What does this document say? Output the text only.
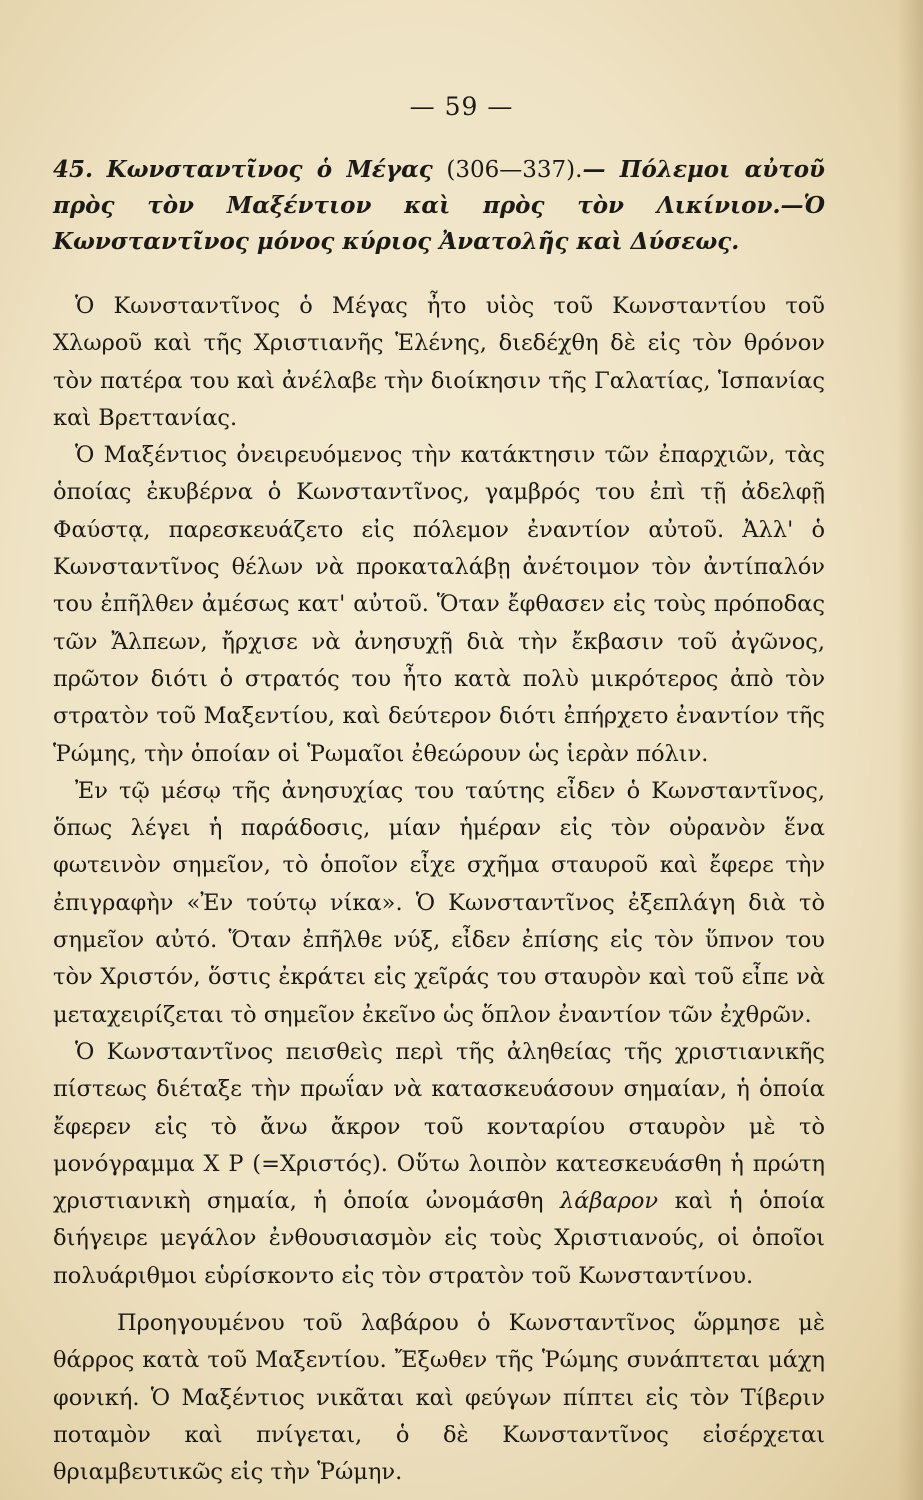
— 59 —
45. Κωνσταντῖνος ὁ Μέγας (306—337).— Πόλεμοι αὐτοῦ πρὸς τὸν Μαξέντιον καὶ πρὸς τὸν Λικίνιον.—Ὁ Κωνσταντῖνος μόνος κύριος Ἀνατολῆς καὶ Δύσεως.

Ὁ Κωνσταντῖνος ὁ Μέγας ἦτο υἱὸς τοῦ Κωνσταντίου τοῦ Χλωροῦ καὶ τῆς Χριστιανῆς Ἑλένης, διεδέχθη δὲ εἰς τὸν θρόνον τὸν πατέρα του καὶ ἀνέλαβε τὴν διοίκησιν τῆς Γαλατίας, Ἱσπανίας καὶ Βρεττανίας.

Ὁ Μαξέντιος ὀνειρευόμενος τὴν κατάκτησιν τῶν ἐπαρχιῶν, τὰς ὁποίας ἐκυβέρνα ὁ Κωνσταντῖνος, γαμβρός του ἐπὶ τῇ ἀδελφῇ Φαύστᾳ, παρεσκευάζετο εἰς πόλεμον ἐναντίον αὐτοῦ. Ἀλλ' ὁ Κωνσταντῖνος θέλων νὰ προκαταλάβῃ ἀνέτοιμον τὸν ἀντίπαλόν του ἐπῆλθεν ἀμέσως κατ' αὐτοῦ. Ὅταν ἔφθασεν εἰς τοὺς πρόποδας τῶν Ἄλπεων, ἤρχισε νὰ ἀνησυχῇ διὰ τὴν ἔκβασιν τοῦ ἀγῶνος, πρῶτον διότι ὁ στρατός του ἦτο κατὰ πολὺ μικρότερος ἀπὸ τὸν στρατὸν τοῦ Μαξεντίου, καὶ δεύτερον διότι ἐπήρχετο ἐναντίον τῆς Ῥώμης, τὴν ὁποίαν οἱ Ῥωμαῖοι ἐθεώρουν ὡς ἱερὰν πόλιν.

Ἐν τῷ μέσῳ τῆς ἀνησυχίας του ταύτης εἶδεν ὁ Κωνσταντῖνος, ὅπως λέγει ἡ παράδοσις, μίαν ἡμέραν εἰς τὸν οὐρανὸν ἕνα φωτεινὸν σημεῖον, τὸ ὁποῖον εἶχε σχῆμα σταυροῦ καὶ ἔφερε τὴν ἐπιγραφὴν «Ἐν τούτῳ νίκα». Ὁ Κωνσταντῖνος ἐξεπλάγη διὰ τὸ σημεῖον αὐτό. Ὅταν ἐπῆλθε νύξ, εἶδεν ἐπίσης εἰς τὸν ὕπνον του τὸν Χριστόν, ὅστις ἐκράτει εἰς χεῖράς του σταυρὸν καὶ τοῦ εἶπε νὰ μεταχειρίζεται τὸ σημεῖον ἐκεῖνο ὡς ὅπλον ἐναντίον τῶν ἐχθρῶν.

Ὁ Κωνσταντῖνος πεισθεὶς περὶ τῆς ἀληθείας τῆς χριστιανικῆς πίστεως διέταξε τὴν πρωΐαν νὰ κατασκευάσουν σημαίαν, ἡ ὁποία ἔφερεν εἰς τὸ ἄνω ἄκρον τοῦ κονταρίου σταυρὸν μὲ τὸ μονόγραμμα Χ Ρ (=Χριστός). Οὕτω λοιπὸν κατεσκευάσθη ἡ πρώτη χριστιανικὴ σημαία, ἡ ὁποία ὠνομάσθη λάβαρον καὶ ἡ ὁποία διήγειρε μεγάλον ἐνθουσιασμὸν εἰς τοὺς Χριστιανούς, οἱ ὁποῖοι πολυάριθμοι εὑρίσκοντο εἰς τὸν στρατὸν τοῦ Κωνσταντίνου.

Προηγουμένου τοῦ λαβάρου ὁ Κωνσταντῖνος ὥρμησε μὲ θάρρος κατὰ τοῦ Μαξεντίου. Ἔξωθεν τῆς Ῥώμης συνάπτεται μάχη φονική. Ὁ Μαξέντιος νικᾶται καὶ φεύγων πίπτει εἰς τὸν Τίβεριν ποταμὸν καὶ πνίγεται, ὁ δὲ Κωνσταντῖνος εἰσέρχεται θριαμβευτικῶς εἰς τὴν Ῥώμην.
